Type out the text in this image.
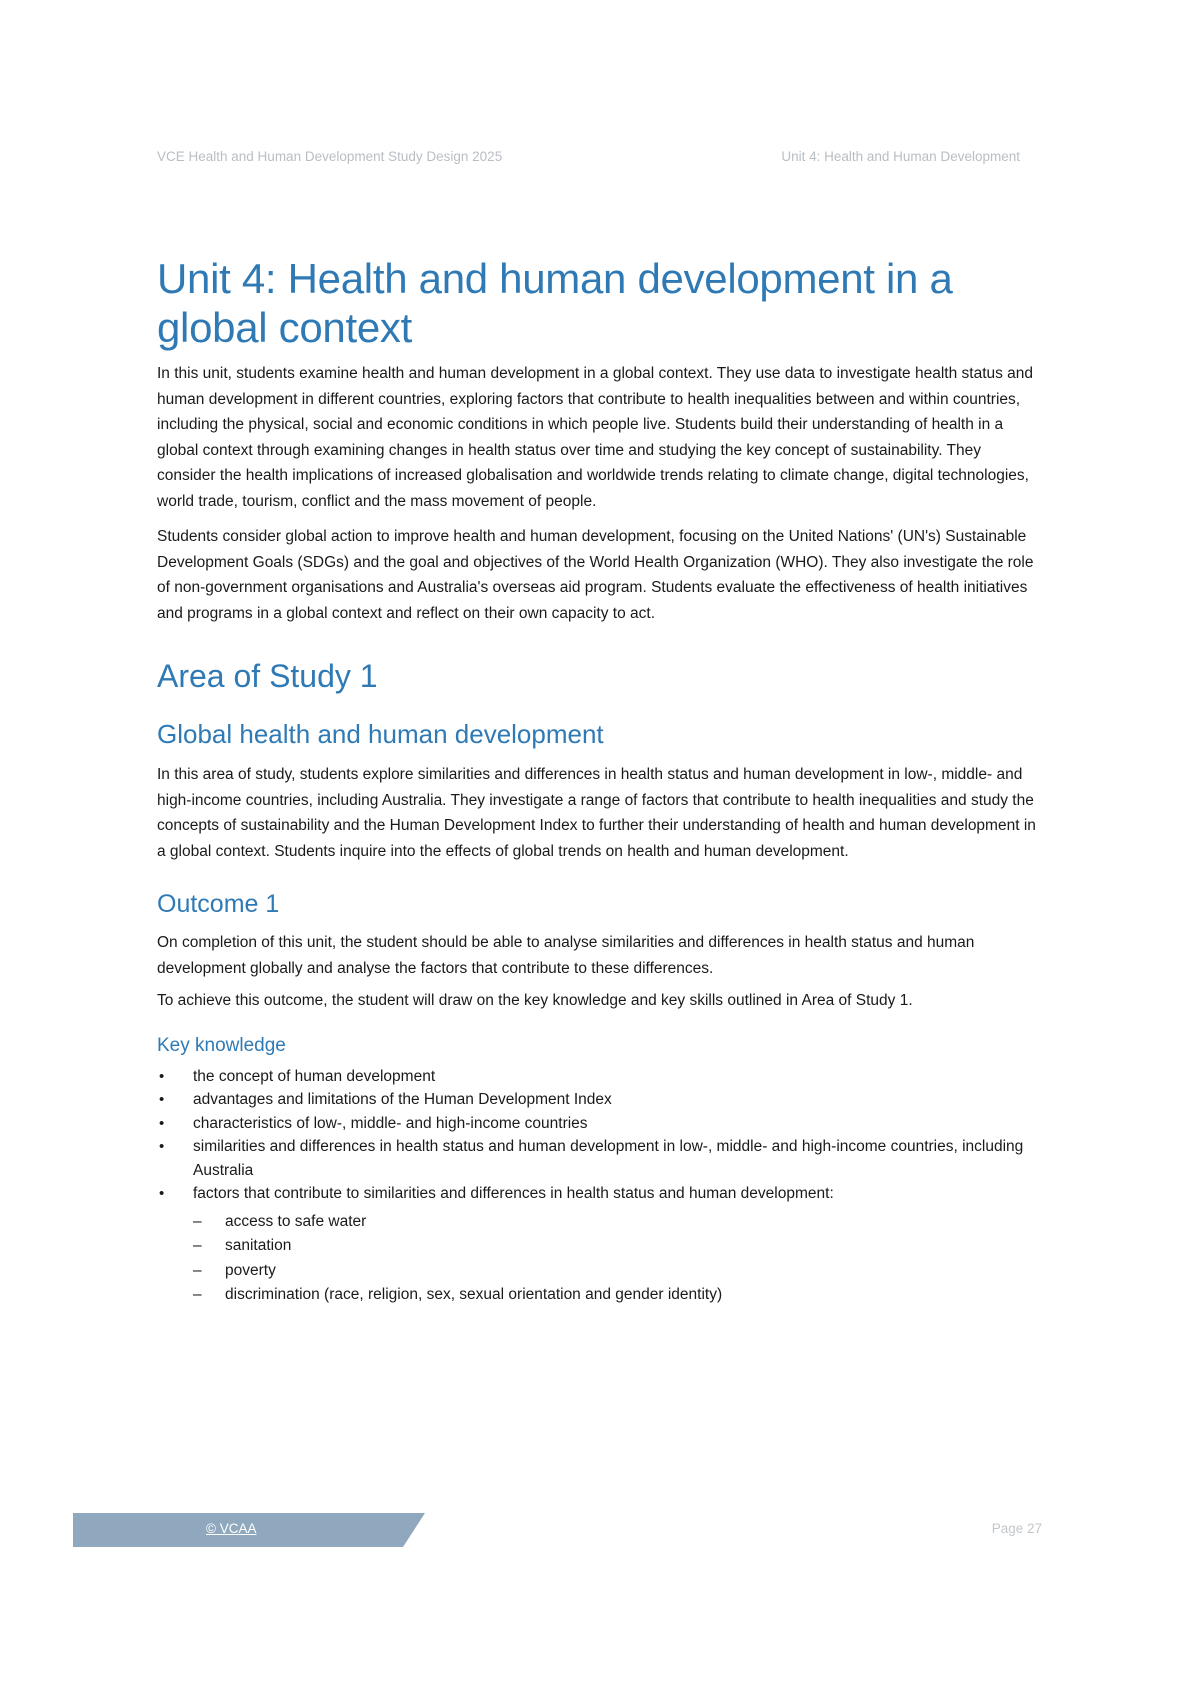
VCE Health and Human Development Study Design 2025	Unit 4: Health and Human Development
Unit 4: Health and human development in a global context

In this unit, students examine health and human development in a global context. They use data to investigate health status and human development in different countries, exploring factors that contribute to health inequalities between and within countries, including the physical, social and economic conditions in which people live. Students build their understanding of health in a global context through examining changes in health status over time and studying the key concept of sustainability. They consider the health implications of increased globalisation and worldwide trends relating to climate change, digital technologies, world trade, tourism, conflict and the mass movement of people.

Students consider global action to improve health and human development, focusing on the United Nations' (UN's) Sustainable Development Goals (SDGs) and the goal and objectives of the World Health Organization (WHO). They also investigate the role of non-government organisations and Australia's overseas aid program. Students evaluate the effectiveness of health initiatives and programs in a global context and reflect on their own capacity to act.

Area of Study 1
Global health and human development

In this area of study, students explore similarities and differences in health status and human development in low-, middle- and high-income countries, including Australia. They investigate a range of factors that contribute to health inequalities and study the concepts of sustainability and the Human Development Index to further their understanding of health and human development in a global context. Students inquire into the effects of global trends on health and human development.

Outcome 1

On completion of this unit, the student should be able to analyse similarities and differences in health status and human development globally and analyse the factors that contribute to these differences.

To achieve this outcome, the student will draw on the key knowledge and key skills outlined in Area of Study 1.

Key knowledge
• the concept of human development
• advantages and limitations of the Human Development Index
• characteristics of low-, middle- and high-income countries
• similarities and differences in health status and human development in low-, middle- and high-income countries, including Australia
• factors that contribute to similarities and differences in health status and human development:
– access to safe water
– sanitation
– poverty
– discrimination (race, religion, sex, sexual orientation and gender identity)
© VCAA	Page 27
